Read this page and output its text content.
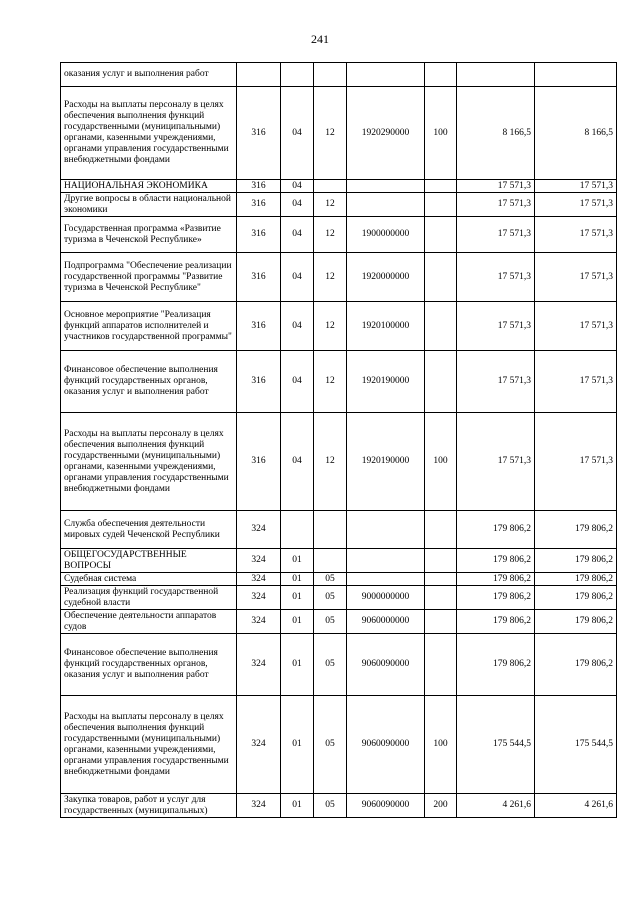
241
оказания услуг и выполнения работ							
Расходы на выплаты персоналу в целях обеспечения выполнения функций государственными (муниципальными) органами, казенными учреждениями, органами управления государственными внебюджетными фондами	316	04	12	1920290000	100	8 166,5	8 166,5
НАЦИОНАЛЬНАЯ ЭКОНОМИКА	316	04				17 571,3	17 571,3
Другие вопросы в области национальной экономики	316	04	12			17 571,3	17 571,3
Государственная программа «Развитие туризма в Чеченской Республике»	316	04	12	1900000000		17 571,3	17 571,3
Подпрограмма "Обеспечение реализации государственной программы "Развитие туризма в Чеченской Республике"	316	04	12	1920000000		17 571,3	17 571,3
Основное мероприятие "Реализация функций аппаратов исполнителей и участников государственной программы"	316	04	12	1920100000		17 571,3	17 571,3
Финансовое обеспечение выполнения функций государственных органов, оказания услуг и выполнения работ	316	04	12	1920190000		17 571,3	17 571,3
Расходы на выплаты персоналу в целях обеспечения выполнения функций государственными (муниципальными) органами, казенными учреждениями, органами управления государственными внебюджетными фондами	316	04	12	1920190000	100	17 571,3	17 571,3
Служба обеспечения деятельности мировых судей Чеченской Республики	324					179 806,2	179 806,2
ОБЩЕГОСУДАРСТВЕННЫЕ ВОПРОСЫ	324	01				179 806,2	179 806,2
Судебная система	324	01	05			179 806,2	179 806,2
Реализация функций государственной судебной власти	324	01	05	9000000000		179 806,2	179 806,2
Обеспечение деятельности аппаратов судов	324	01	05	9060000000		179 806,2	179 806,2
Финансовое обеспечение выполнения функций государственных органов, оказания услуг и выполнения работ	324	01	05	9060090000		179 806,2	179 806,2
Расходы на выплаты персоналу в целях обеспечения выполнения функций государственными (муниципальными) органами, казенными учреждениями, органами управления государственными внебюджетными фондами	324	01	05	9060090000	100	175 544,5	175 544,5
Закупка товаров, работ и услуг для государственных (муниципальных)	324	01	05	9060090000	200	4 261,6	4 261,6
